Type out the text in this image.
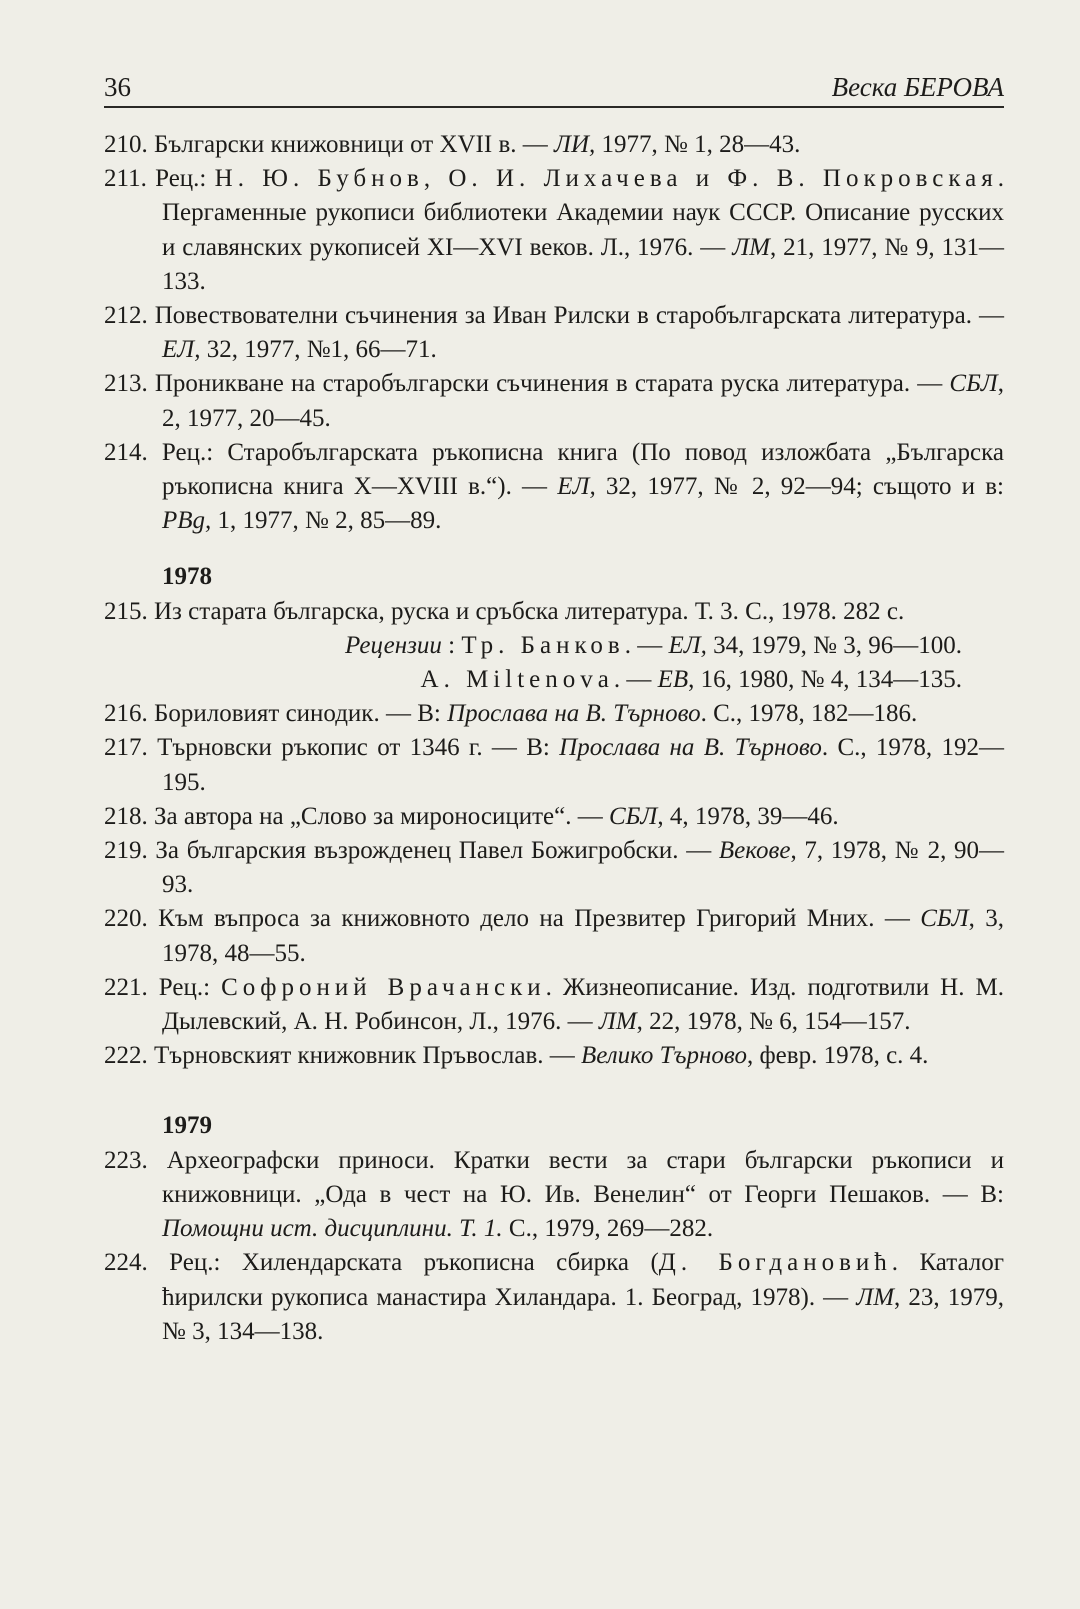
36	Веска БЕРОВА
210. Български книжовници от XVII в. — ЛИ, 1977, № 1, 28—43.
211. Рец.: Н. Ю. Бубнов, О. И. Лихачева и Ф. В. Покровская. Пергаменные рукописи библиотеки Академии наук СССР. Описание русских и славянских рукописей XI—XVI веков. Л., 1976. — ЛМ, 21, 1977, № 9, 131—133.
212. Повествователни съчинения за Иван Рилски в старобългарската литература. — ЕЛ, 32, 1977, №1, 66—71.
213. Проникване на старобългарски съчинения в старата руска литература. — СБЛ, 2, 1977, 20—45.
214. Рец.: Старобългарската ръкописна книга (По повод изложбата „Българска ръкописна книга X—XVIII в.“). — ЕЛ, 32, 1977, № 2, 92—94; същото и в: PBg, 1, 1977, № 2, 85—89.
1978
215. Из старата българска, руска и сръбска литература. Т. 3. С., 1978. 282 с.
Рецензии : Тр. Банков. — ЕЛ, 34, 1979, № 3, 96—100.
A. Miltenova. — ЕВ, 16, 1980, № 4, 134—135.
216. Бориловият синодик. — В: Прослава на В. Търново. С., 1978, 182—186.
217. Търновски ръкопис от 1346 г. — В: Прослава на В. Търново. С., 1978, 192—195.
218. За автора на „Слово за мироносиците“. — СБЛ, 4, 1978, 39—46.
219. За българския възрожденец Павел Божигробски. — Векове, 7, 1978, № 2, 90—93.
220. Към въпроса за книжовното дело на Презвитер Григорий Мних. — СБЛ, 3, 1978, 48—55.
221. Рец.: Софроний Врачански. Жизнеописание. Изд. подготвили Н. М. Дылевский, А. Н. Робинсон, Л., 1976. — ЛМ, 22, 1978, № 6, 154—157.
222. Търновският книжовник Пръвослав. — Велико Търново, февр. 1978, с. 4.
1979
223. Археографски приноси. Кратки вести за стари български ръкописи и книжовници. „Ода в чест на Ю. Ив. Венелин“ от Георги Пешаков. — В: Помощни ист. дисциплини. Т. 1. С., 1979, 269—282.
224. Рец.: Хилендарската ръкописна сбирка (Д. Богдановић. Каталог ћирилски рукописа манастира Хиландара. 1. Београд, 1978). — ЛМ, 23, 1979, № 3, 134—138.
